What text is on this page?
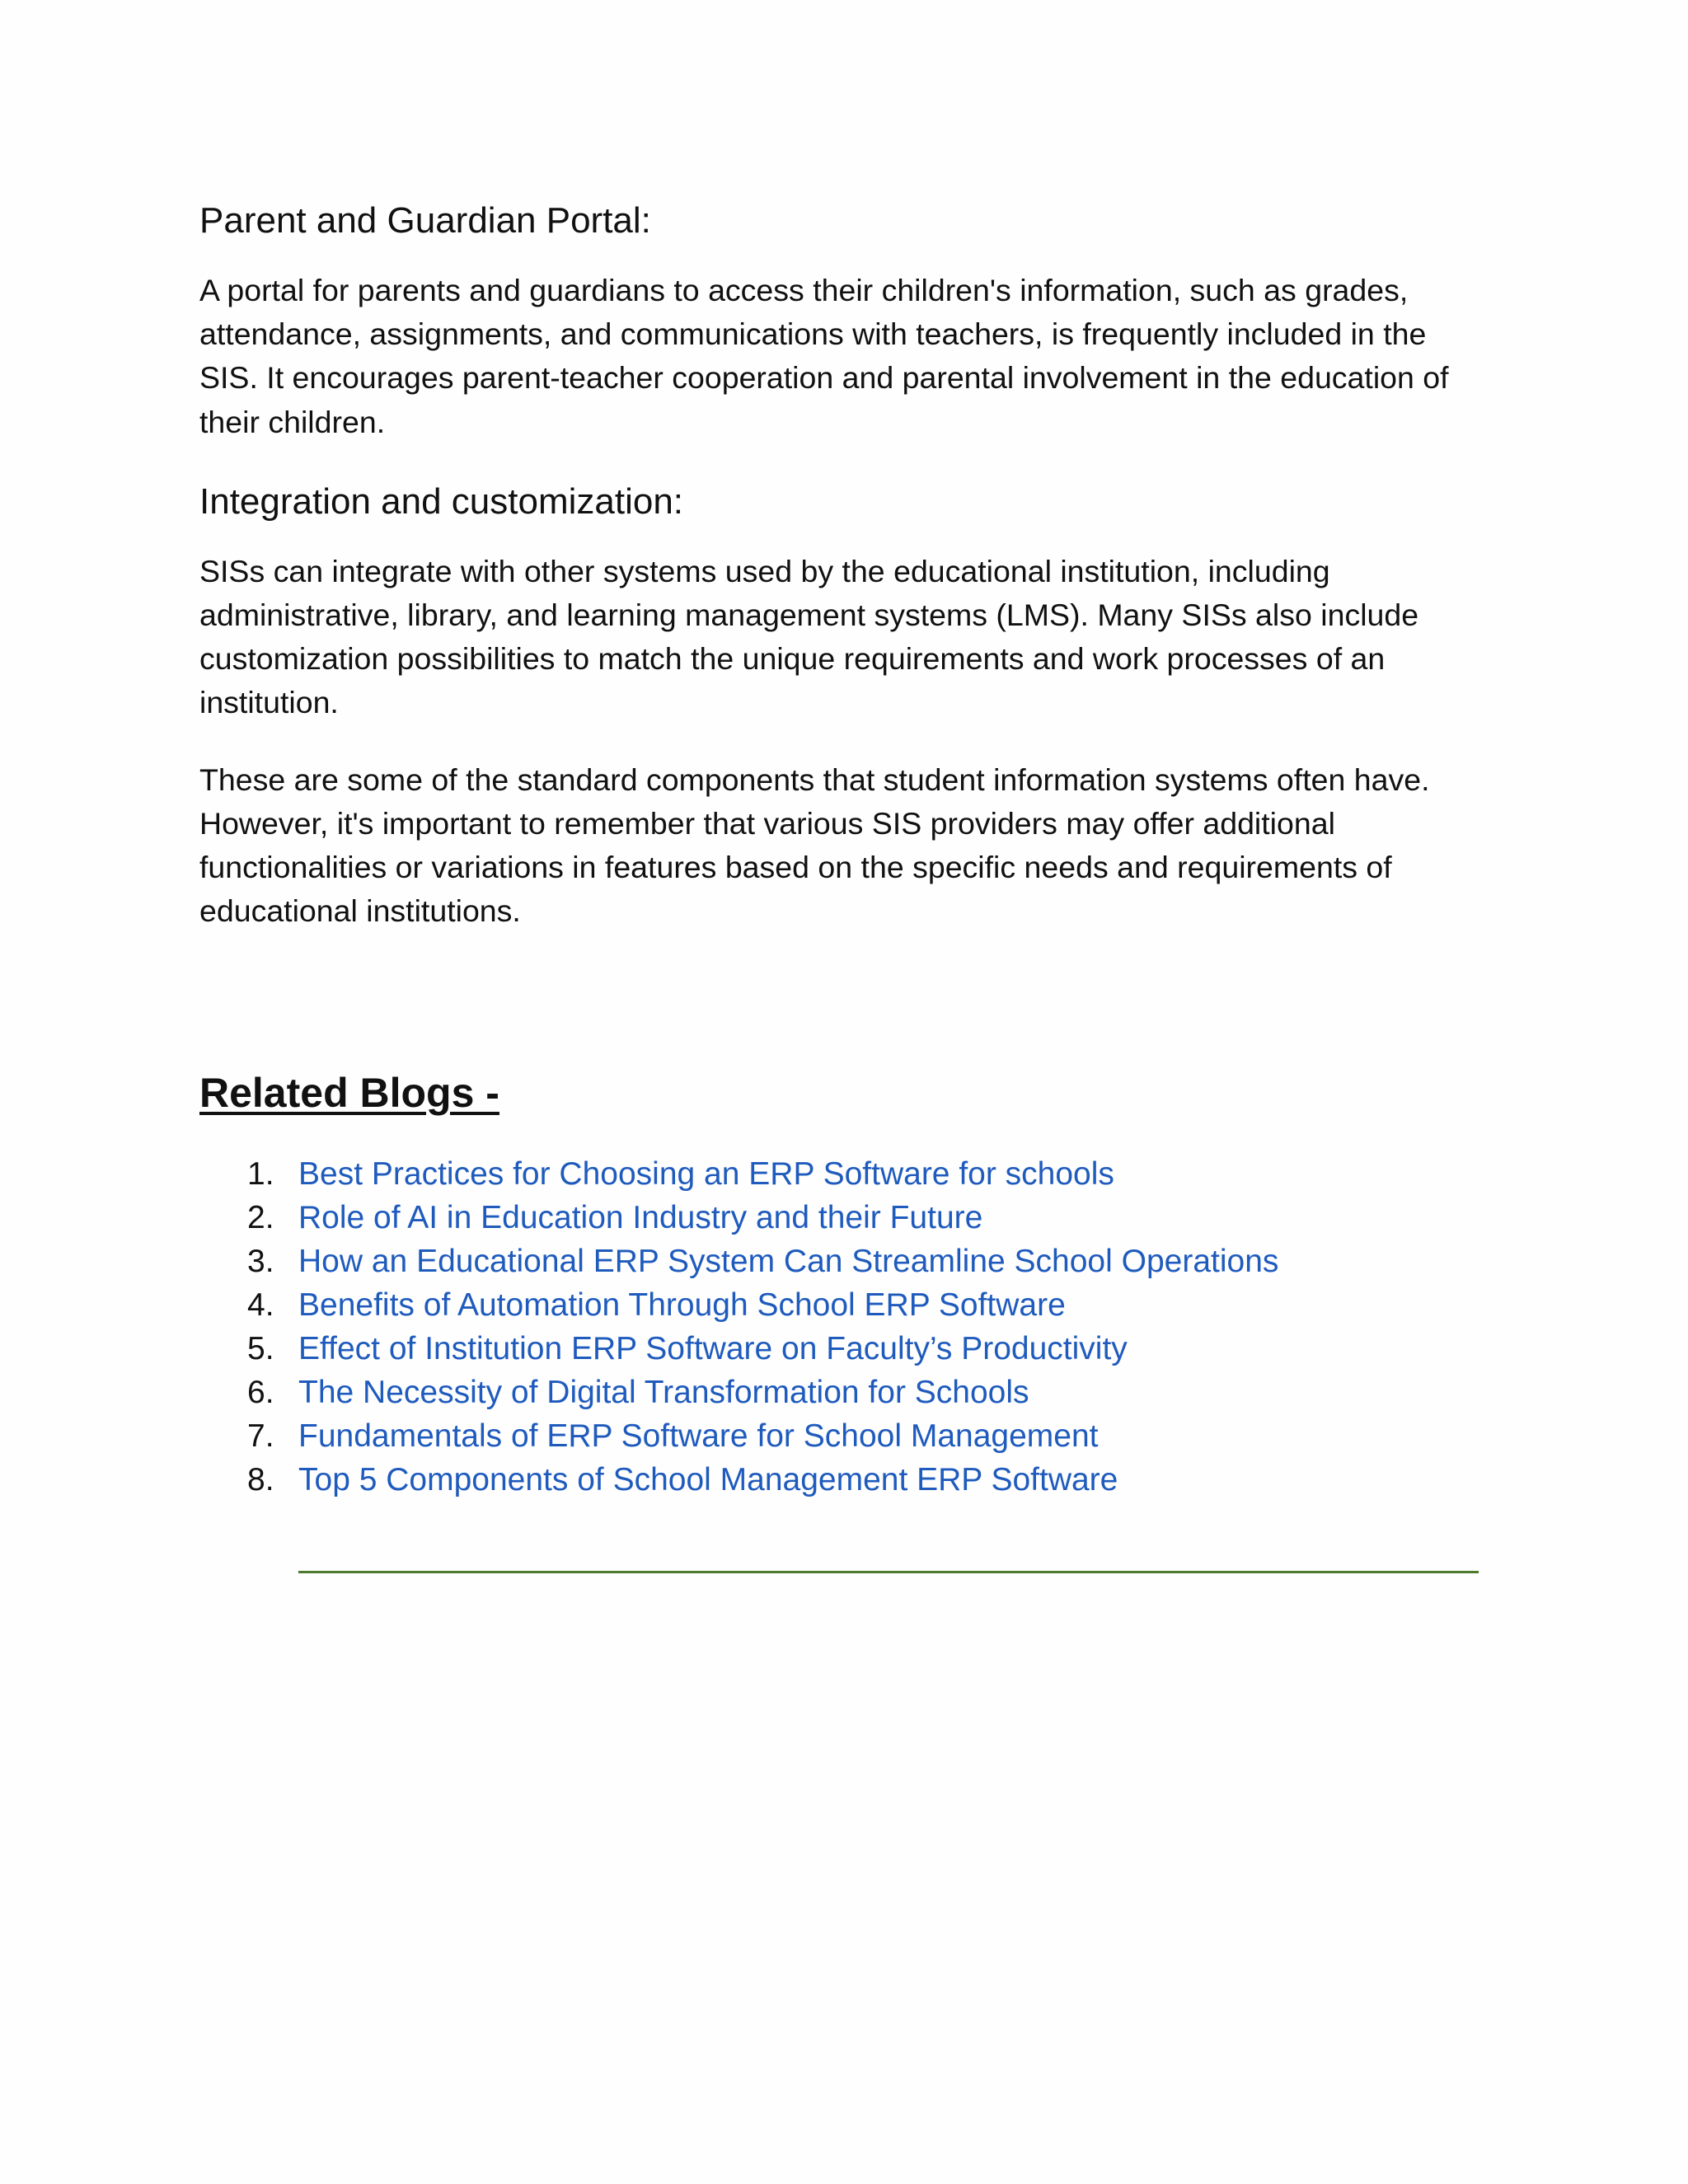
Parent and Guardian Portal:

A portal for parents and guardians to access their children's information, such as grades, attendance, assignments, and communications with teachers, is frequently included in the SIS. It encourages parent-teacher cooperation and parental involvement in the education of their children.

Integration and customization:

SISs can integrate with other systems used by the educational institution, including administrative, library, and learning management systems (LMS). Many SISs also include customization possibilities to match the unique requirements and work processes of an institution.

These are some of the standard components that student information systems often have. However, it's important to remember that various SIS providers may offer additional functionalities or variations in features based on the specific needs and requirements of educational institutions.

Related Blogs -
1. Best Practices for Choosing an ERP Software for schools
2. Role of AI in Education Industry and their Future
3. How an Educational ERP System Can Streamline School Operations
4. Benefits of Automation Through School ERP Software
5. Effect of Institution ERP Software on Faculty’s Productivity
6. The Necessity of Digital Transformation for Schools
7. Fundamentals of ERP Software for School Management
8. Top 5 Components of School Management ERP Software
